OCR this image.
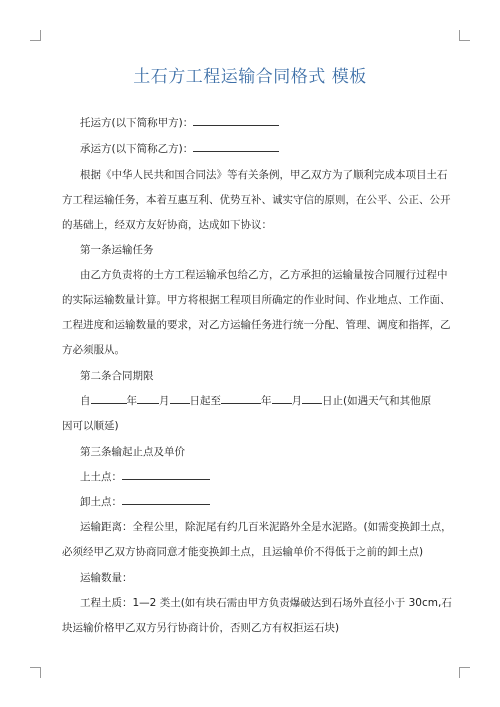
土石方工程运输合同格式 模板
托运方(以下简称甲方)：
承运方(以下简称乙方)：
根据《中华人民共和国合同法》等有关条例，甲乙双方为了顺利完成本项目土石
方工程运输任务，本着互惠互利、优势互补、诚实守信的原则，在公平、公正、公开
的基础上，经双方友好协商，达成如下协议：
第一条运输任务
由乙方负责将的土方工程运输承包给乙方，乙方承担的运输量按合同履行过程中
的实际运输数量计算。甲方将根据工程项目所确定的作业时间、作业地点、工作面、
工程进度和运输数量的要求，对乙方运输任务进行统一分配、管理、调度和指挥，乙
方必须服从。
第二条合同期限
自	年 月 日起至	年 月 日止(如遇天气和其他原
因可以顺延)
第三条输起止点及单价
上土点：
卸土点：
运输距离：全程公里，除泥尾有约几百米泥路外全是水泥路。(如需变换卸土点，
必须经甲乙双方协商同意才能变换卸土点，且运输单价不得低于之前的卸土点)
运输数量：
工程土质：1—2 类土(如有块石需由甲方负责爆破达到石场外直径小于 30cm,石
块运输价格甲乙双方另行协商计价，否则乙方有权拒运石块)
